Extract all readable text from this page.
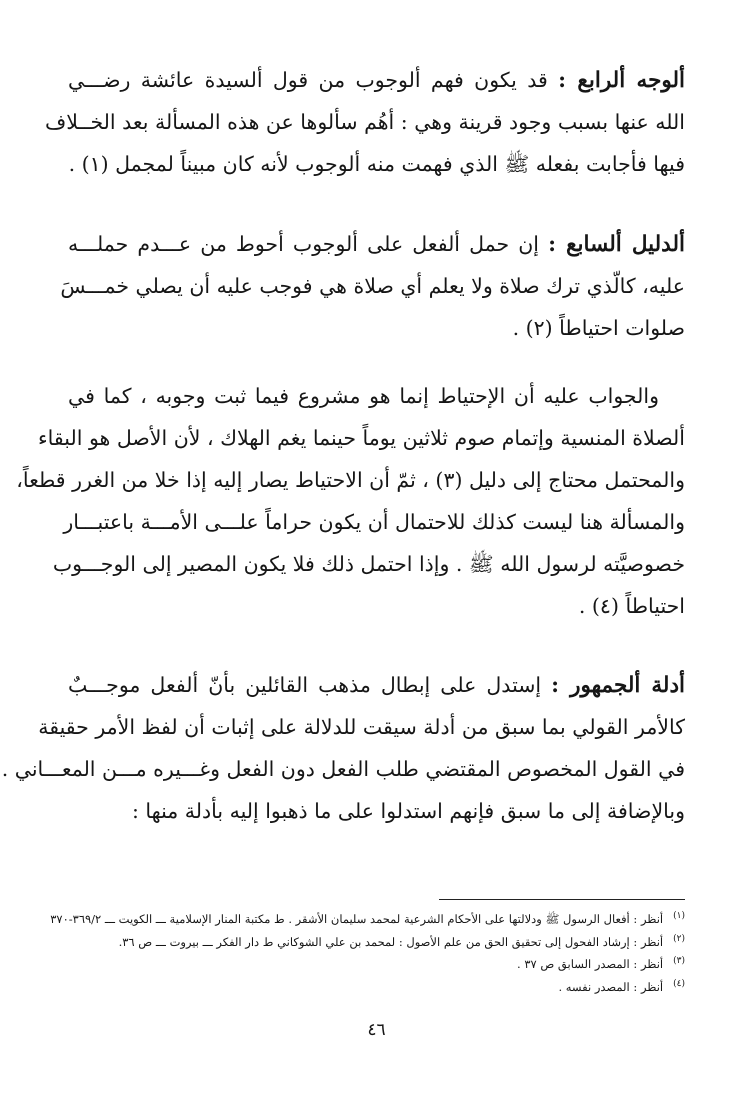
ألوجه ألرابع : قد يكون فهم ألوجوب من قول ألسيدة عائشة رضـــي
الله عنها بسبب وجود قرينة وهي : أهُم سألوها عن هذه المسألة بعد الخــلاف
فيها فأجابت بفعله ﷺ الذي فهمت منه ألوجوب لأنه كان مبيناً لمجمل (١) .
ألدليل ألسابع : إن حمل ألفعل على ألوجوب أحوط من عـــدم حملـــه
عليه، كالّذي ترك صلاة ولا يعلم أي صلاة هي فوجب عليه أن يصلي خمـــسَ
صلوات احتياطاً (٢) .
والجواب عليه أن الإحتياط إنما هو مشروع فيما ثبت وجوبه ، كما في
ألصلاة المنسية وإتمام صوم ثلاثين يوماً حينما يغم الهلاك ، لأن الأصل هو البقاء
والمحتمل محتاج إلى دليل (٣) ، ثمّ أن الاحتياط يصار إليه إذا خلا من الغرر قطعاً،
والمسألة هنا ليست كذلك للاحتمال أن يكون حراماً علـــى الأمـــة باعتبـــار
خصوصيَّته لرسول الله ﷺ . وإذا احتمل ذلك فلا يكون المصير إلى الوجـــوب
احتياطاً (٤) .
أدلة ألجمهور : إستدل على إبطال مذهب القائلين بأنّ ألفعل موجـــبٌ
كالأمر القولي بما سبق من أدلة سيقت للدلالة على إثبات أن لفظ الأمر حقيقة
في القول المخصوص المقتضي طلب الفعل دون الفعل وغـــيره مـــن المعـــاني .
وبالإضافة إلى ما سبق فإنهم استدلوا على ما ذهبوا إليه بأدلة منها :
$^{(١)}$أنظر : أفعال الرسول ﷺ ودلالتها على الأحكام الشرعية لمحمد سليمان الأشقر . ط مكتبة المنار الإسلامية ـــ الكويت ـــ ٣٦٩/٢-٣٧٠
$^{(٢)}$أنظر : إرشاد الفحول إلى تحقيق الحق من علم الأصول : لمحمد بن علي الشوكاني ط دار الفكر ـــ بيروت ـــ ص ٣٦.
$^{(٣)}$أنظر : المصدر السابق ص ٣٧ .
$^{(٤)}$أنظر : المصدر نفسه .
٤٦
